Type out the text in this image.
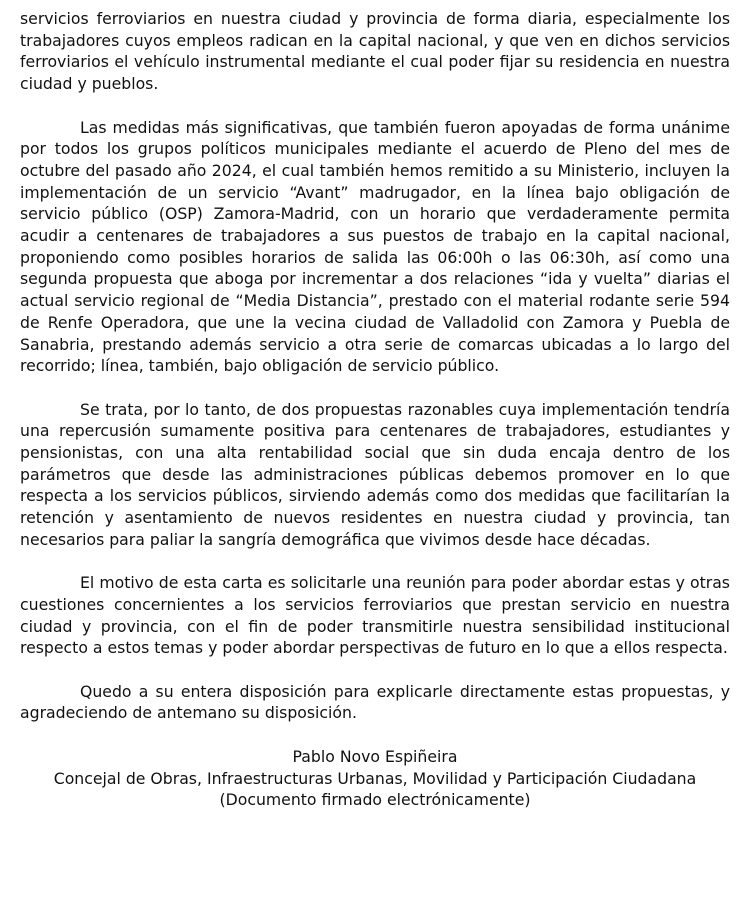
servicios ferroviarios en nuestra ciudad y provincia de forma diaria, especialmente los trabajadores cuyos empleos radican en la capital nacional, y que ven en dichos servicios ferroviarios el vehículo instrumental mediante el cual poder fijar su residencia en nuestra ciudad y pueblos.

Las medidas más significativas, que también fueron apoyadas de forma unánime por todos los grupos políticos municipales mediante el acuerdo de Pleno del mes de octubre del pasado año 2024, el cual también hemos remitido a su Ministerio, incluyen la implementación de un servicio “Avant” madrugador, en la línea bajo obligación de servicio público (OSP) Zamora-Madrid, con un horario que verdaderamente permita acudir a centenares de trabajadores a sus puestos de trabajo en la capital nacional, proponiendo como posibles horarios de salida las 06:00h o las 06:30h, así como una segunda propuesta que aboga por incrementar a dos relaciones “ida y vuelta” diarias el actual servicio regional de “Media Distancia”, prestado con el material rodante serie 594 de Renfe Operadora, que une la vecina ciudad de Valladolid con Zamora y Puebla de Sanabria, prestando además servicio a otra serie de comarcas ubicadas a lo largo del recorrido; línea, también, bajo obligación de servicio público.

Se trata, por lo tanto, de dos propuestas razonables cuya implementación tendría una repercusión sumamente positiva para centenares de trabajadores, estudiantes y pensionistas, con una alta rentabilidad social que sin duda encaja dentro de los parámetros que desde las administraciones públicas debemos promover en lo que respecta a los servicios públicos, sirviendo además como dos medidas que facilitarían la retención y asentamiento de nuevos residentes en nuestra ciudad y provincia, tan necesarios para paliar la sangría demográfica que vivimos desde hace décadas.

El motivo de esta carta es solicitarle una reunión para poder abordar estas y otras cuestiones concernientes a los servicios ferroviarios que prestan servicio en nuestra ciudad y provincia, con el fin de poder transmitirle nuestra sensibilidad institucional respecto a estos temas y poder abordar perspectivas de futuro en lo que a ellos respecta.

Quedo a su entera disposición para explicarle directamente estas propuestas, y agradeciendo de antemano su disposición.

Pablo Novo Espiñeira
Concejal de Obras, Infraestructuras Urbanas, Movilidad y Participación Ciudadana
(Documento firmado electrónicamente)
